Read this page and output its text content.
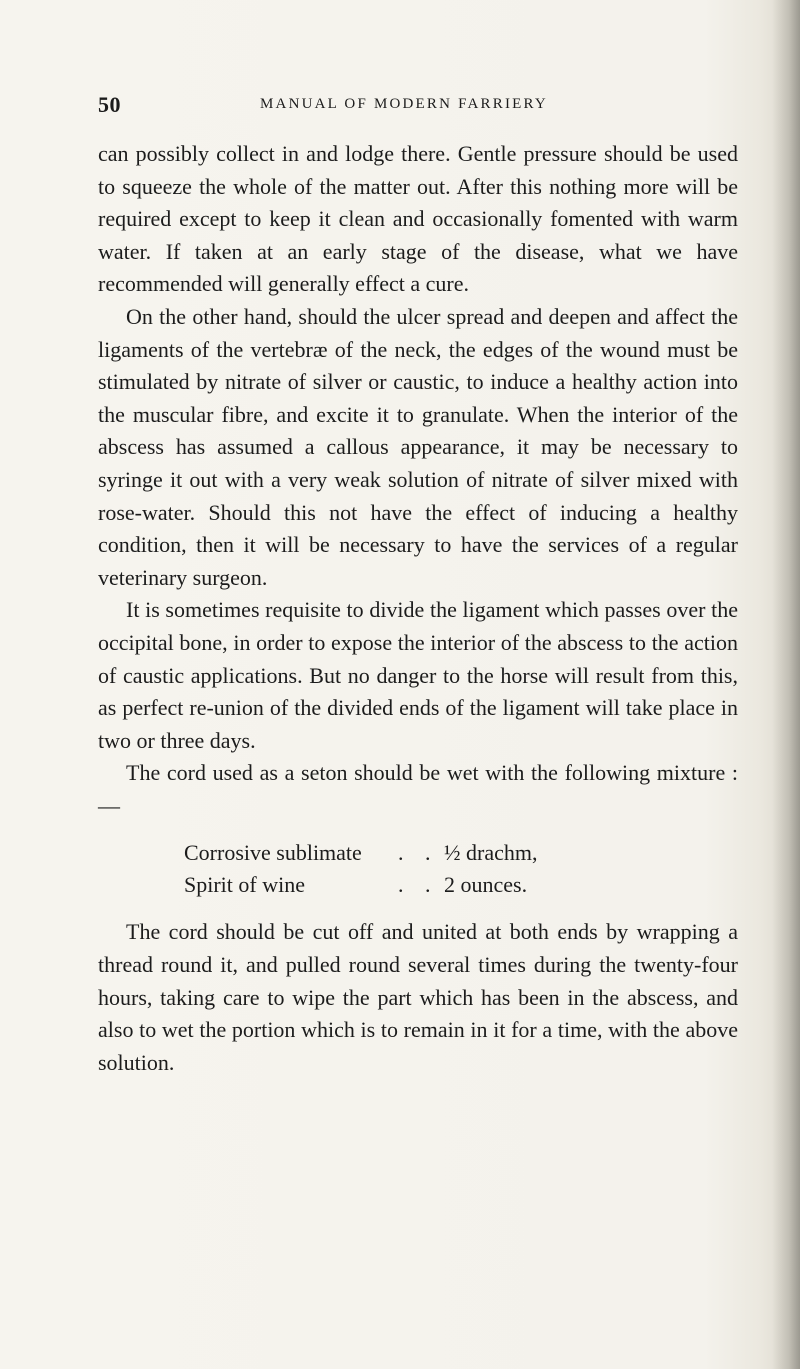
50	MANUAL OF MODERN FARRIERY

can possibly collect in and lodge there. Gentle pressure should be used to squeeze the whole of the matter out. After this nothing more will be required except to keep it clean and occasionally fomented with warm water. If taken at an early stage of the disease, what we have recommended will generally effect a cure.

On the other hand, should the ulcer spread and deepen and affect the ligaments of the vertebræ of the neck, the edges of the wound must be stimulated by nitrate of silver or caustic, to induce a healthy action into the muscular fibre, and excite it to granulate. When the interior of the abscess has assumed a callous appearance, it may be necessary to syringe it out with a very weak solution of nitrate of silver mixed with rose-water. Should this not have the effect of inducing a healthy condition, then it will be necessary to have the services of a regular veterinary surgeon.

It is sometimes requisite to divide the ligament which passes over the occipital bone, in order to expose the interior of the abscess to the action of caustic applications. But no danger to the horse will result from this, as perfect re-union of the divided ends of the ligament will take place in two or three days.

The cord used as a seton should be wet with the following mixture :—

Corrosive sublimate	. . ½ drachm,
Spirit of wine	. . 2 ounces.

The cord should be cut off and united at both ends by wrapping a thread round it, and pulled round several times during the twenty-four hours, taking care to wipe the part which has been in the abscess, and also to wet the portion which is to remain in it for a time, with the above solution.
